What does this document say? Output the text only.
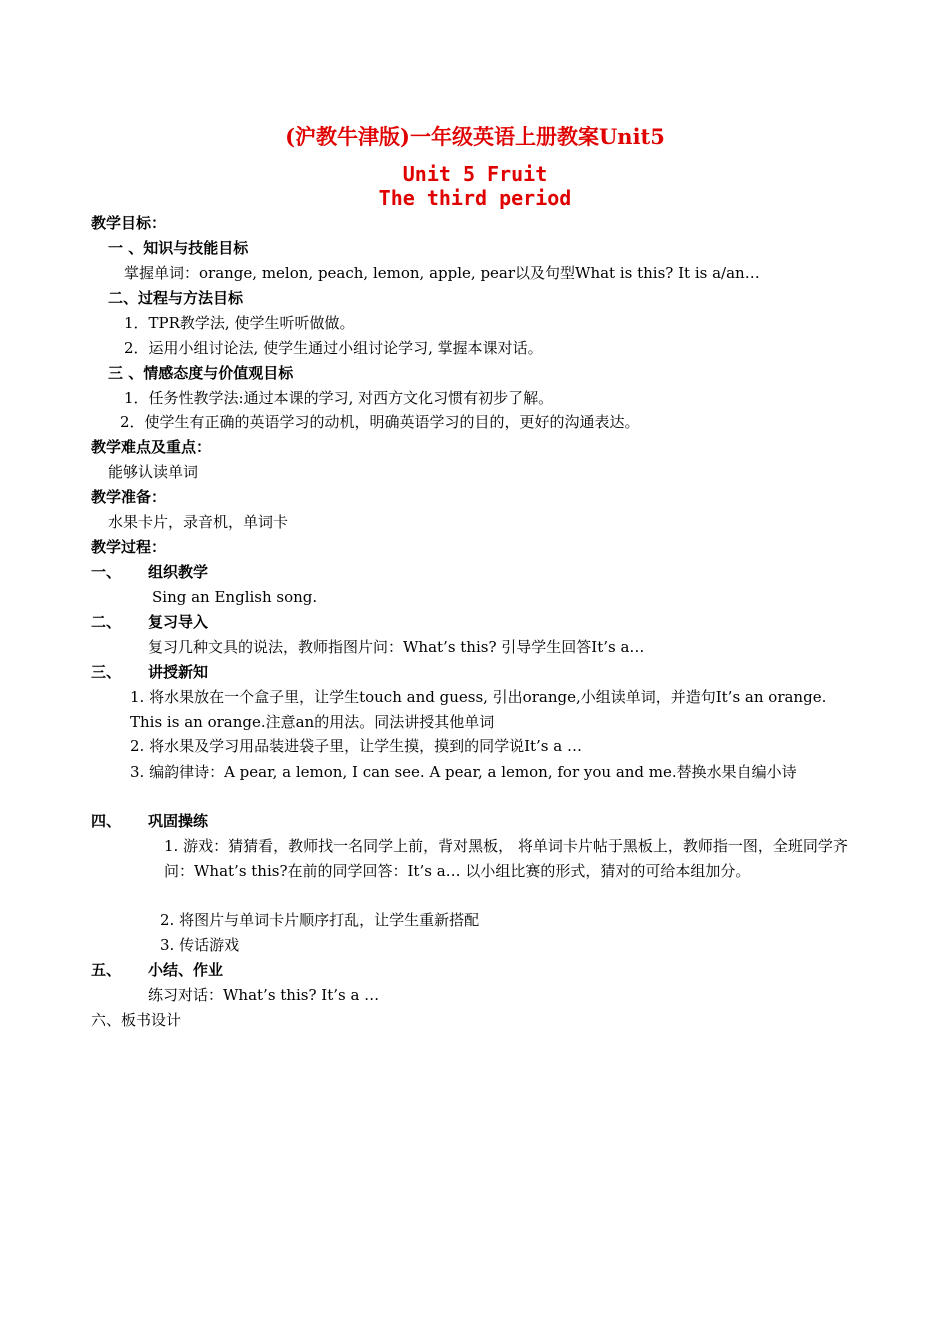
(沪教牛津版)一年级英语上册教案Unit5
Unit 5 Fruit
The third period
教学目标：
一 、知识与技能目标
掌握单词：orange, melon, peach, lemon, apple, pear以及句型What is this? It is a/an…
二、过程与方法目标
1．TPR教学法, 使学生听听做做。
2．运用小组讨论法, 使学生通过小组讨论学习, 掌握本课对话。
三 、情感态度与价值观目标
1．任务性教学法:通过本课的学习, 对西方文化习惯有初步了解。
2．使学生有正确的英语学习的动机，明确英语学习的目的，更好的沟通表达。
教学难点及重点：
能够认读单词
教学准备：
水果卡片，录音机，单词卡
教学过程：
一、 组织教学
Sing an English song.
二、 复习导入
复习几种文具的说法，教师指图片问：What’s this? 引导学生回答It’s a…
三、 讲授新知
1. 将水果放在一个盒子里，让学生touch and guess, 引出orange,小组读单词，并造句It’s an orange. This is an orange.注意an的用法。同法讲授其他单词
2. 将水果及学习用品装进袋子里，让学生摸，摸到的同学说It’s a …
3. 编韵律诗：A pear, a lemon, I can see. A pear, a lemon, for you and me.替换水果自编小诗
四、 巩固操练
1. 游戏：猜猜看，教师找一名同学上前，背对黑板， 将单词卡片帖于黑板上，教师指一图，全班同学齐问：What’s this?在前的同学回答：It’s a… 以小组比赛的形式，猜对的可给本组加分。
2. 将图片与单词卡片顺序打乱，让学生重新搭配
3. 传话游戏
五、 小结、作业
练习对话：What’s this? It’s a …
六、板书设计
